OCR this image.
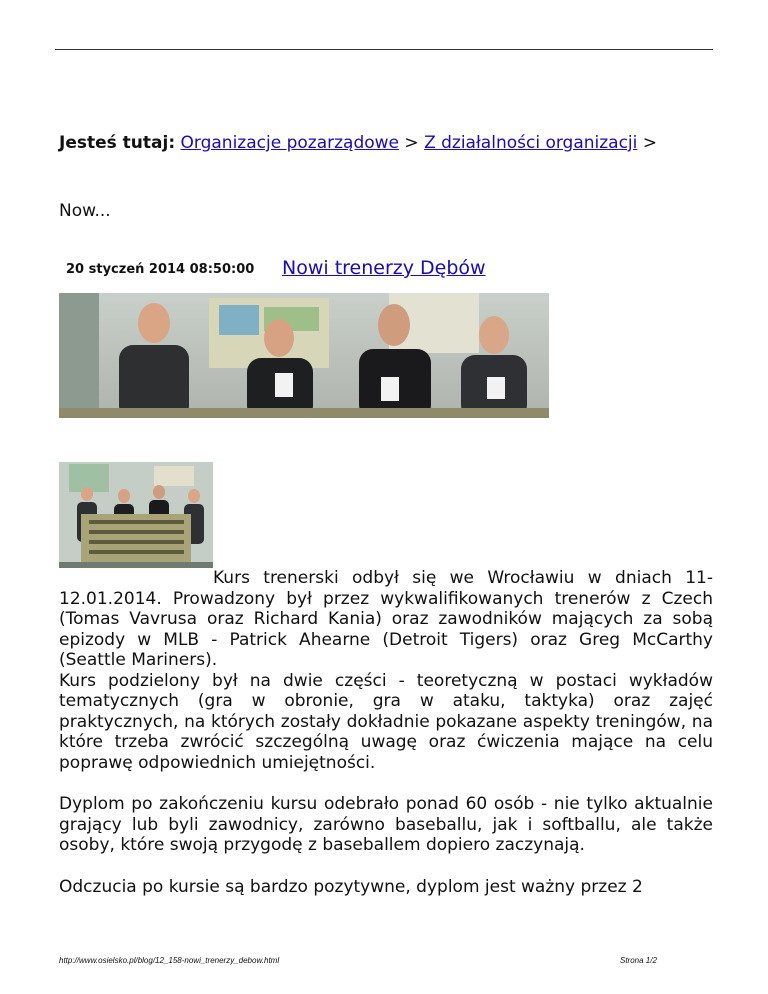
Jesteś tutaj: Organizacje pozarządowe > Z działalności organizacji >
Now...
20 styczeń 2014 08:50:00 Nowi trenerzy Dębów

Kurs trenerski odbył się we Wrocławiu w dniach 11-12.01.2014. Prowadzony był przez wykwalifikowanych trenerów z Czech (Tomas Vavrusa oraz Richard Kania) oraz zawodników mających za sobą epizody w MLB - Patrick Ahearne (Detroit Tigers) oraz Greg McCarthy (Seattle Mariners).
Kurs podzielony był na dwie części - teoretyczną w postaci wykładów tematycznych (gra w obronie, gra w ataku, taktyka) oraz zajęć praktycznych, na których zostały dokładnie pokazane aspekty treningów, na które trzeba zwrócić szczególną uwagę oraz ćwiczenia mające na celu poprawę odpowiednich umiejętności.

Dyplom po zakończeniu kursu odebrało ponad 60 osób - nie tylko aktualnie grający lub byli zawodnicy, zarówno baseballu, jak i softballu, ale także osoby, które swoją przygodę z baseballem dopiero zaczynają.

Odczucia po kursie są bardzo pozytywne, dyplom jest ważny przez 2

http://www.osielsko.pl/blog/12_158-nowi_trenerzy_debow.html	Strona 1/2
